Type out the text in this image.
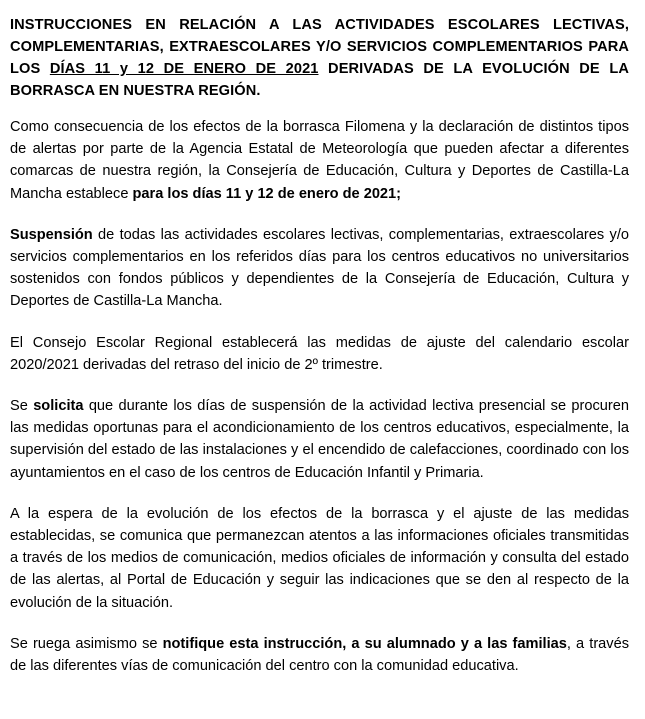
INSTRUCCIONES EN RELACIÓN A LAS ACTIVIDADES ESCOLARES LECTIVAS, COMPLEMENTARIAS, EXTRAESCOLARES Y/O SERVICIOS COMPLEMENTARIOS PARA LOS DÍAS 11 y 12 DE ENERO DE 2021 DERIVADAS DE LA EVOLUCIÓN DE LA BORRASCA EN NUESTRA REGIÓN.

Como consecuencia de los efectos de la borrasca Filomena y la declaración de distintos tipos de alertas por parte de la Agencia Estatal de Meteorología que pueden afectar a diferentes comarcas de nuestra región, la Consejería de Educación, Cultura y Deportes de Castilla-La Mancha establece para los días 11 y 12 de enero de 2021;

Suspensión de todas las actividades escolares lectivas, complementarias, extraescolares y/o servicios complementarios en los referidos días para los centros educativos no universitarios sostenidos con fondos públicos y dependientes de la Consejería de Educación, Cultura y Deportes de Castilla-La Mancha.

El Consejo Escolar Regional establecerá las medidas de ajuste del calendario escolar 2020/2021 derivadas del retraso del inicio de 2º trimestre.

Se solicita que durante los días de suspensión de la actividad lectiva presencial se procuren las medidas oportunas para el acondicionamiento de los centros educativos, especialmente, la supervisión del estado de las instalaciones y el encendido de calefacciones, coordinado con los ayuntamientos en el caso de los centros de Educación Infantil y Primaria.

A la espera de la evolución de los efectos de la borrasca y el ajuste de las medidas establecidas, se comunica que permanezcan atentos a las informaciones oficiales transmitidas a través de los medios de comunicación, medios oficiales de información y consulta del estado de las alertas, al Portal de Educación y seguir las indicaciones que se den al respecto de la evolución de la situación.

Se ruega asimismo se notifique esta instrucción, a su alumnado y a las familias, a través de las diferentes vías de comunicación del centro con la comunidad educativa.
